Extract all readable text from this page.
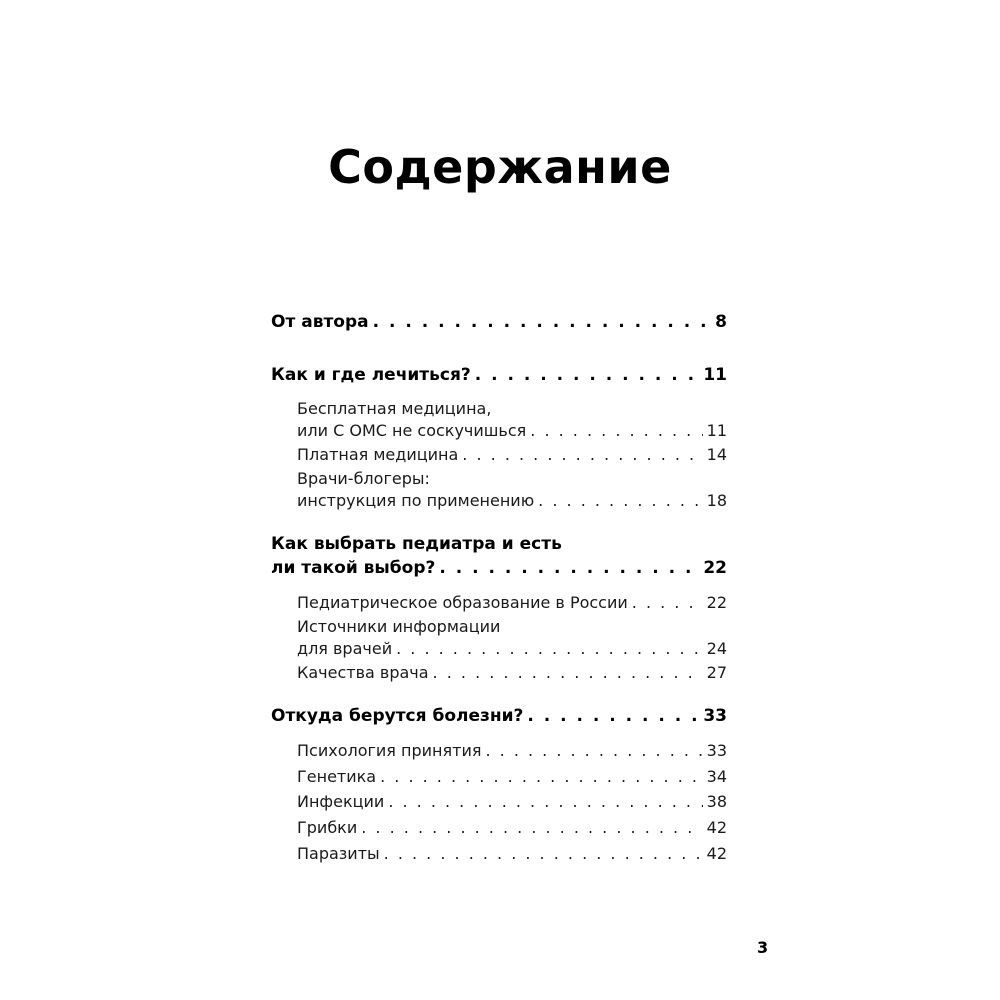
Содержание
От автора . . .	8
Как и где лечиться? . . .	11
Бесплатная медицина,
или С ОМС не соскучишься . . .	11
Платная медицина . . .	14
Врачи-блогеры:
инструкция по применению . . .	18
Как выбрать педиатра и есть
ли такой выбор? . . .	22
Педиатрическое образование в России . . .	22
Источники информации
для врачей . . .	24
Качества врача . . .	27
Откуда берутся болезни? . . .	33
Психология принятия . . .	33
Генетика . . .	34
Инфекции . . .	38
Грибки . . .	42
Паразиты . . .	42
3
